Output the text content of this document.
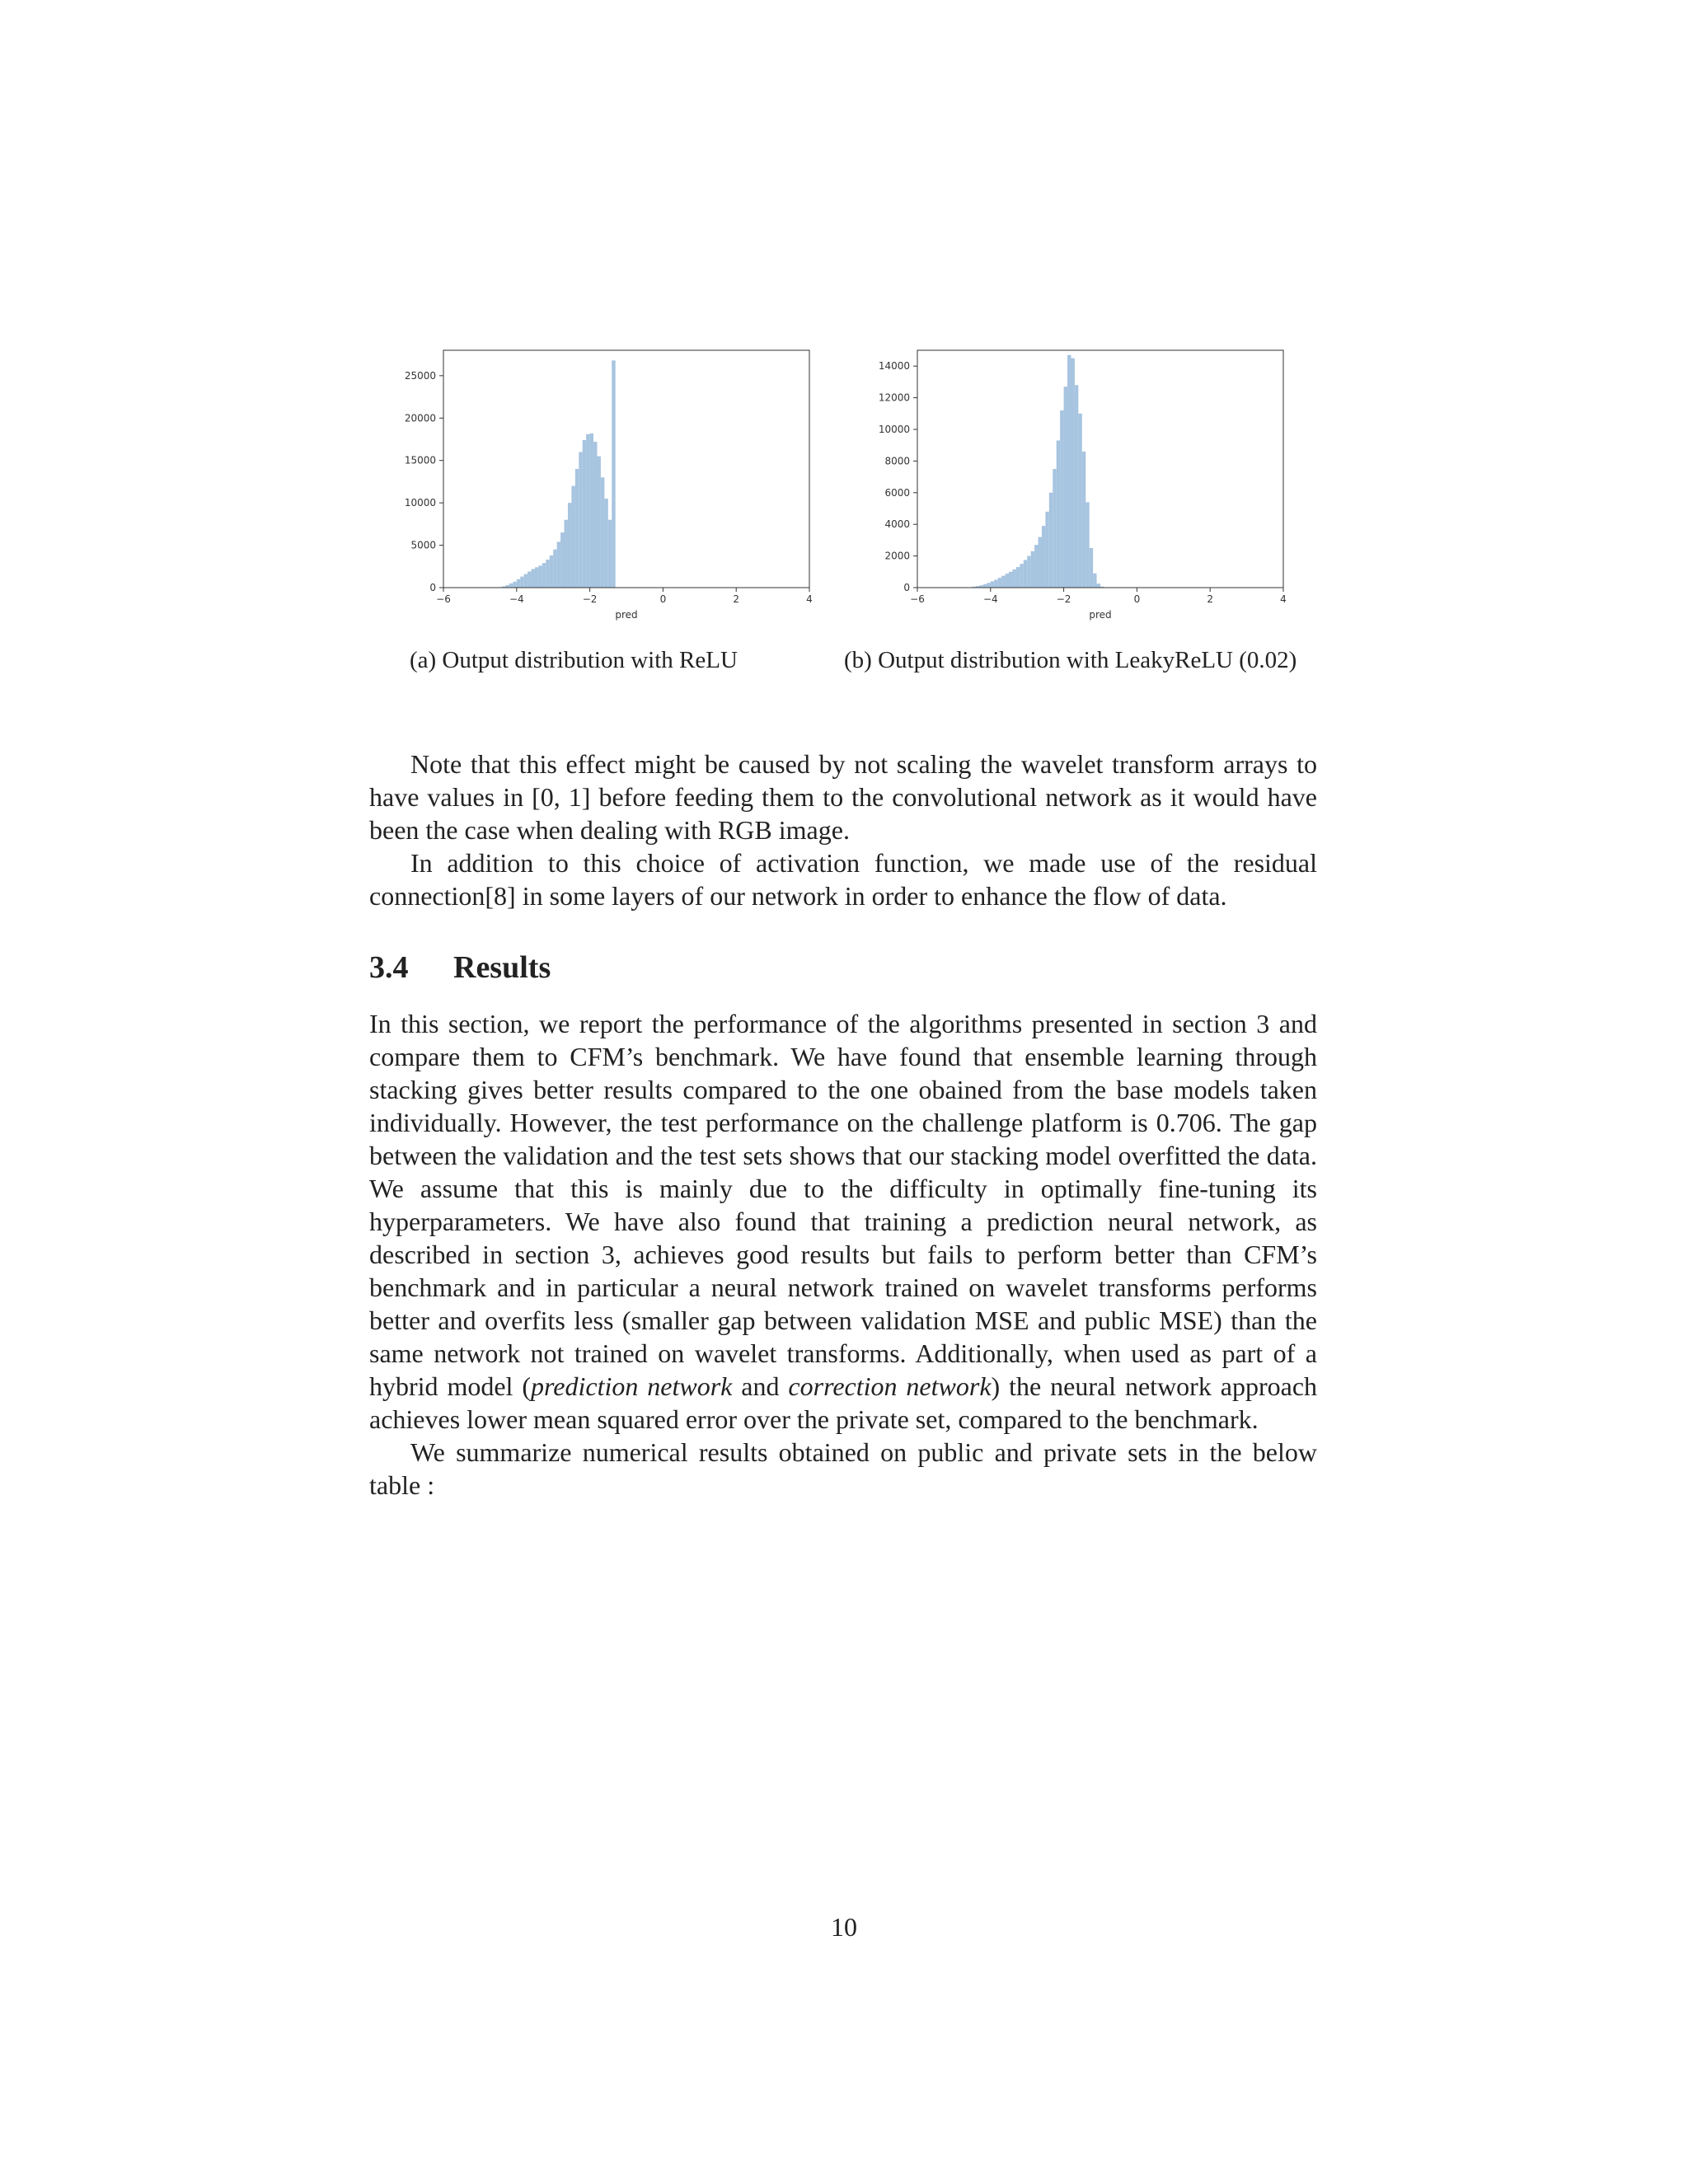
−6	−4	−2	0	2	4
0
5000
10000
15000
20000
25000
pred
−6	−4	−2	0	2	4
0
2000
4000
6000
8000
10000
12000
14000
pred
(a) Output distribution with ReLU	(b) Output distribution with LeakyReLU (0.02)

Note that this effect might be caused by not scaling the wavelet transform arrays to have values in [0, 1] before feeding them to the convolutional network as it would have been the case when dealing with RGB image.

In addition to this choice of activation function, we made use of the residual connection[8] in some layers of our network in order to enhance the flow of data.

3.4 Results

In this section, we report the performance of the algorithms presented in section 3 and compare them to CFM’s benchmark. We have found that ensemble learning through stacking gives better results compared to the one obained from the base models taken individually. However, the test performance on the challenge platform is 0.706. The gap between the validation and the test sets shows that our stacking model overfitted the data. We assume that this is mainly due to the difficulty in optimally fine-tuning its hyperparameters. We have also found that training a prediction neural network, as described in section 3, achieves good results but fails to perform better than CFM’s benchmark and in particular a neural network trained on wavelet transforms performs better and overfits less (smaller gap between validation MSE and public MSE) than the same network not trained on wavelet transforms. Additionally, when used as part of a hybrid model (prediction network and correction network) the neural network approach achieves lower mean squared error over the private set, compared to the benchmark.

We summarize numerical results obtained on public and private sets in the below table :

10
